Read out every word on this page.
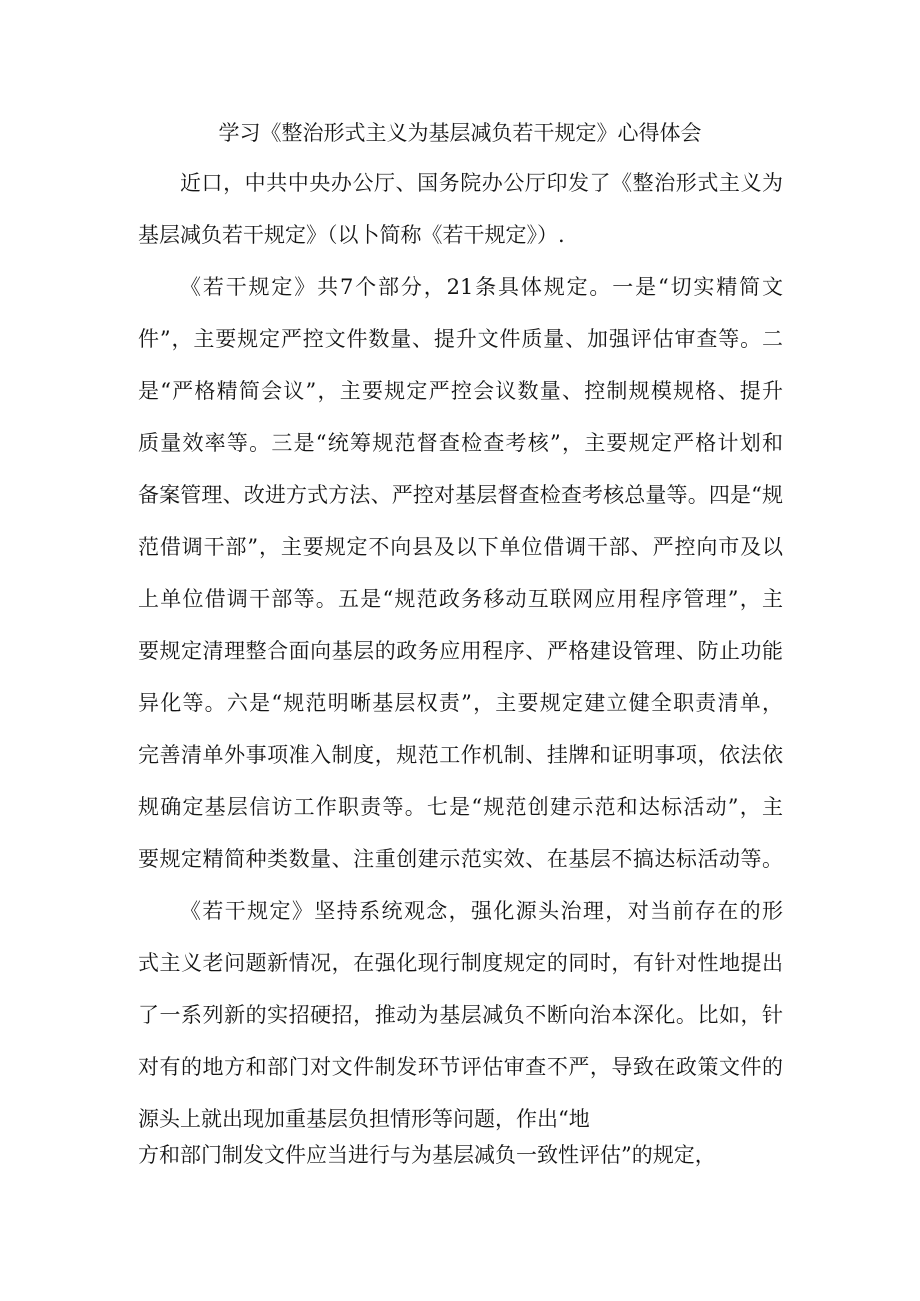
学习《整治形式主义为基层减负若干规定》心得体会
近口，中共中央办公厅、国务院办公厅印发了《整治形式主义为
基层减负若干规定》（以卜简称《若干规定》）.
《若干规定》共7个部分，21条具体规定。一是“切实精简文
件”，主要规定严控文件数量、提升文件质量、加强评估审查等。二
是“严格精简会议”，主要规定严控会议数量、控制规模规格、提升
质量效率等。三是“统筹规范督查检查考核”，主要规定严格计划和
备案管理、改进方式方法、严控对基层督查检查考核总量等。四是“规
范借调干部”，主要规定不向县及以下单位借调干部、严控向市及以
上单位借调干部等。五是“规范政务移动互联网应用程序管理”，主
要规定清理整合面向基层的政务应用程序、严格建设管理、防止功能
异化等。六是“规范明晰基层权责”，主要规定建立健全职责清单，
完善清单外事项准入制度，规范工作机制、挂牌和证明事项，依法依
规确定基层信访工作职责等。七是“规范创建示范和达标活动”，主
要规定精简种类数量、注重创建示范实效、在基层不搞达标活动等。
《若干规定》坚持系统观念，强化源头治理，对当前存在的形
式主义老问题新情况，在强化现行制度规定的同时，有针对性地提出
了一系列新的实招硬招，推动为基层减负不断向治本深化。比如，针
对有的地方和部门对文件制发环节评估审查不严，导致在政策文件的
源头上就出现加重基层负担情形等问题，作出“地
方和部门制发文件应当进行与为基层减负一致性评估”的规定，
